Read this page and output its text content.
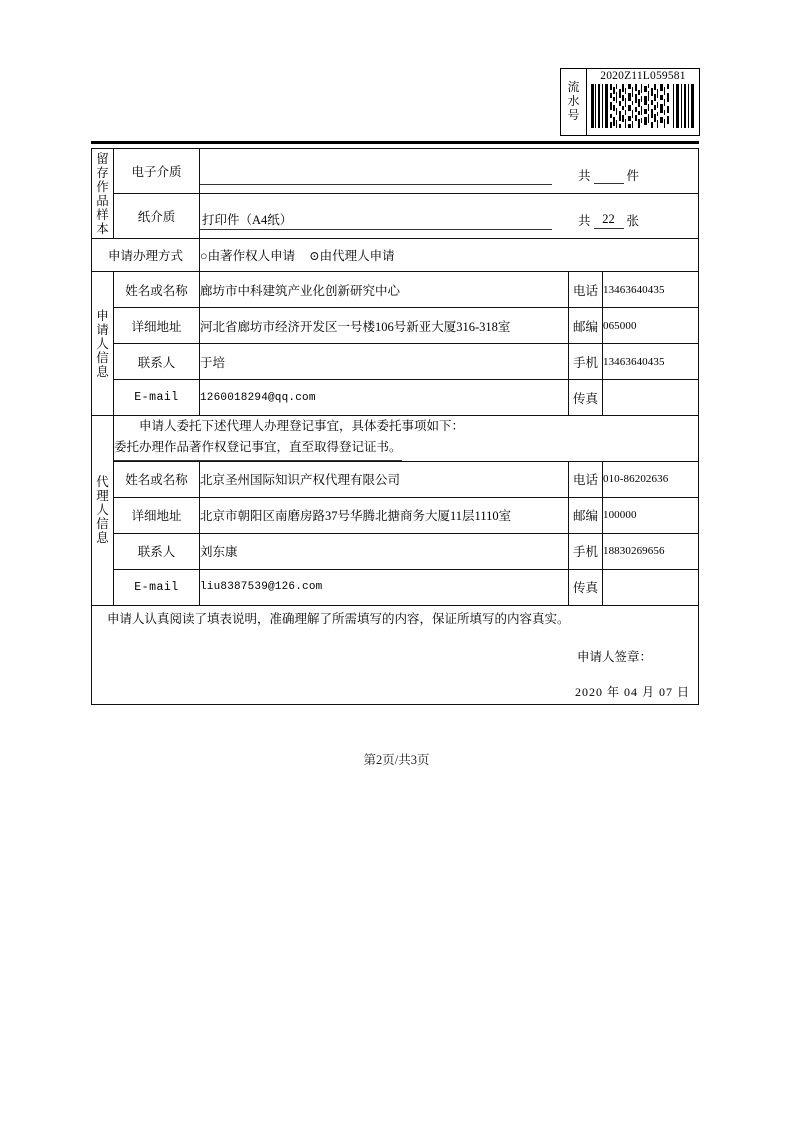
流
水
号
2020Z11L059581
留
存
作
品
样
本
	电子介质	共	件

	纸介质	打印件（A4纸） 共 22 张		

申请办理方式		○由著作权人申请 ⊙由代理人申请		

申
请
人
信
息	姓名或名称	廊坊市中科建筑产业化创新研究中心	电话	13463640435
	详细地址	河北省廊坊市经济开发区一号楼106号新亚大厦316-318室	邮编	065000
	联系人	于培	手机	13463640435
	E-mail	1260018294@qq.com	传真	

代
理
人
信
息

申请人委托下述代理人办理登记事宜，具体委托事项如下：
委托办理作品著作权登记事宜，直至取得登记证书。

	姓名或名称	北京圣州国际知识产权代理有限公司	电话	010-86202636
	详细地址	北京市朝阳区南磨房路37号华腾北搪商务大厦11层1110室	邮编	100000
	联系人	刘东康	手机	18830269656
	E-mail	liu8387539@126.com	传真	

申请人认真阅读了填表说明，准确理解了所需填写的内容，保证所填写的内容真实。
申请人签章：
2020 年 04 月 07 日				
第2页/共3页
